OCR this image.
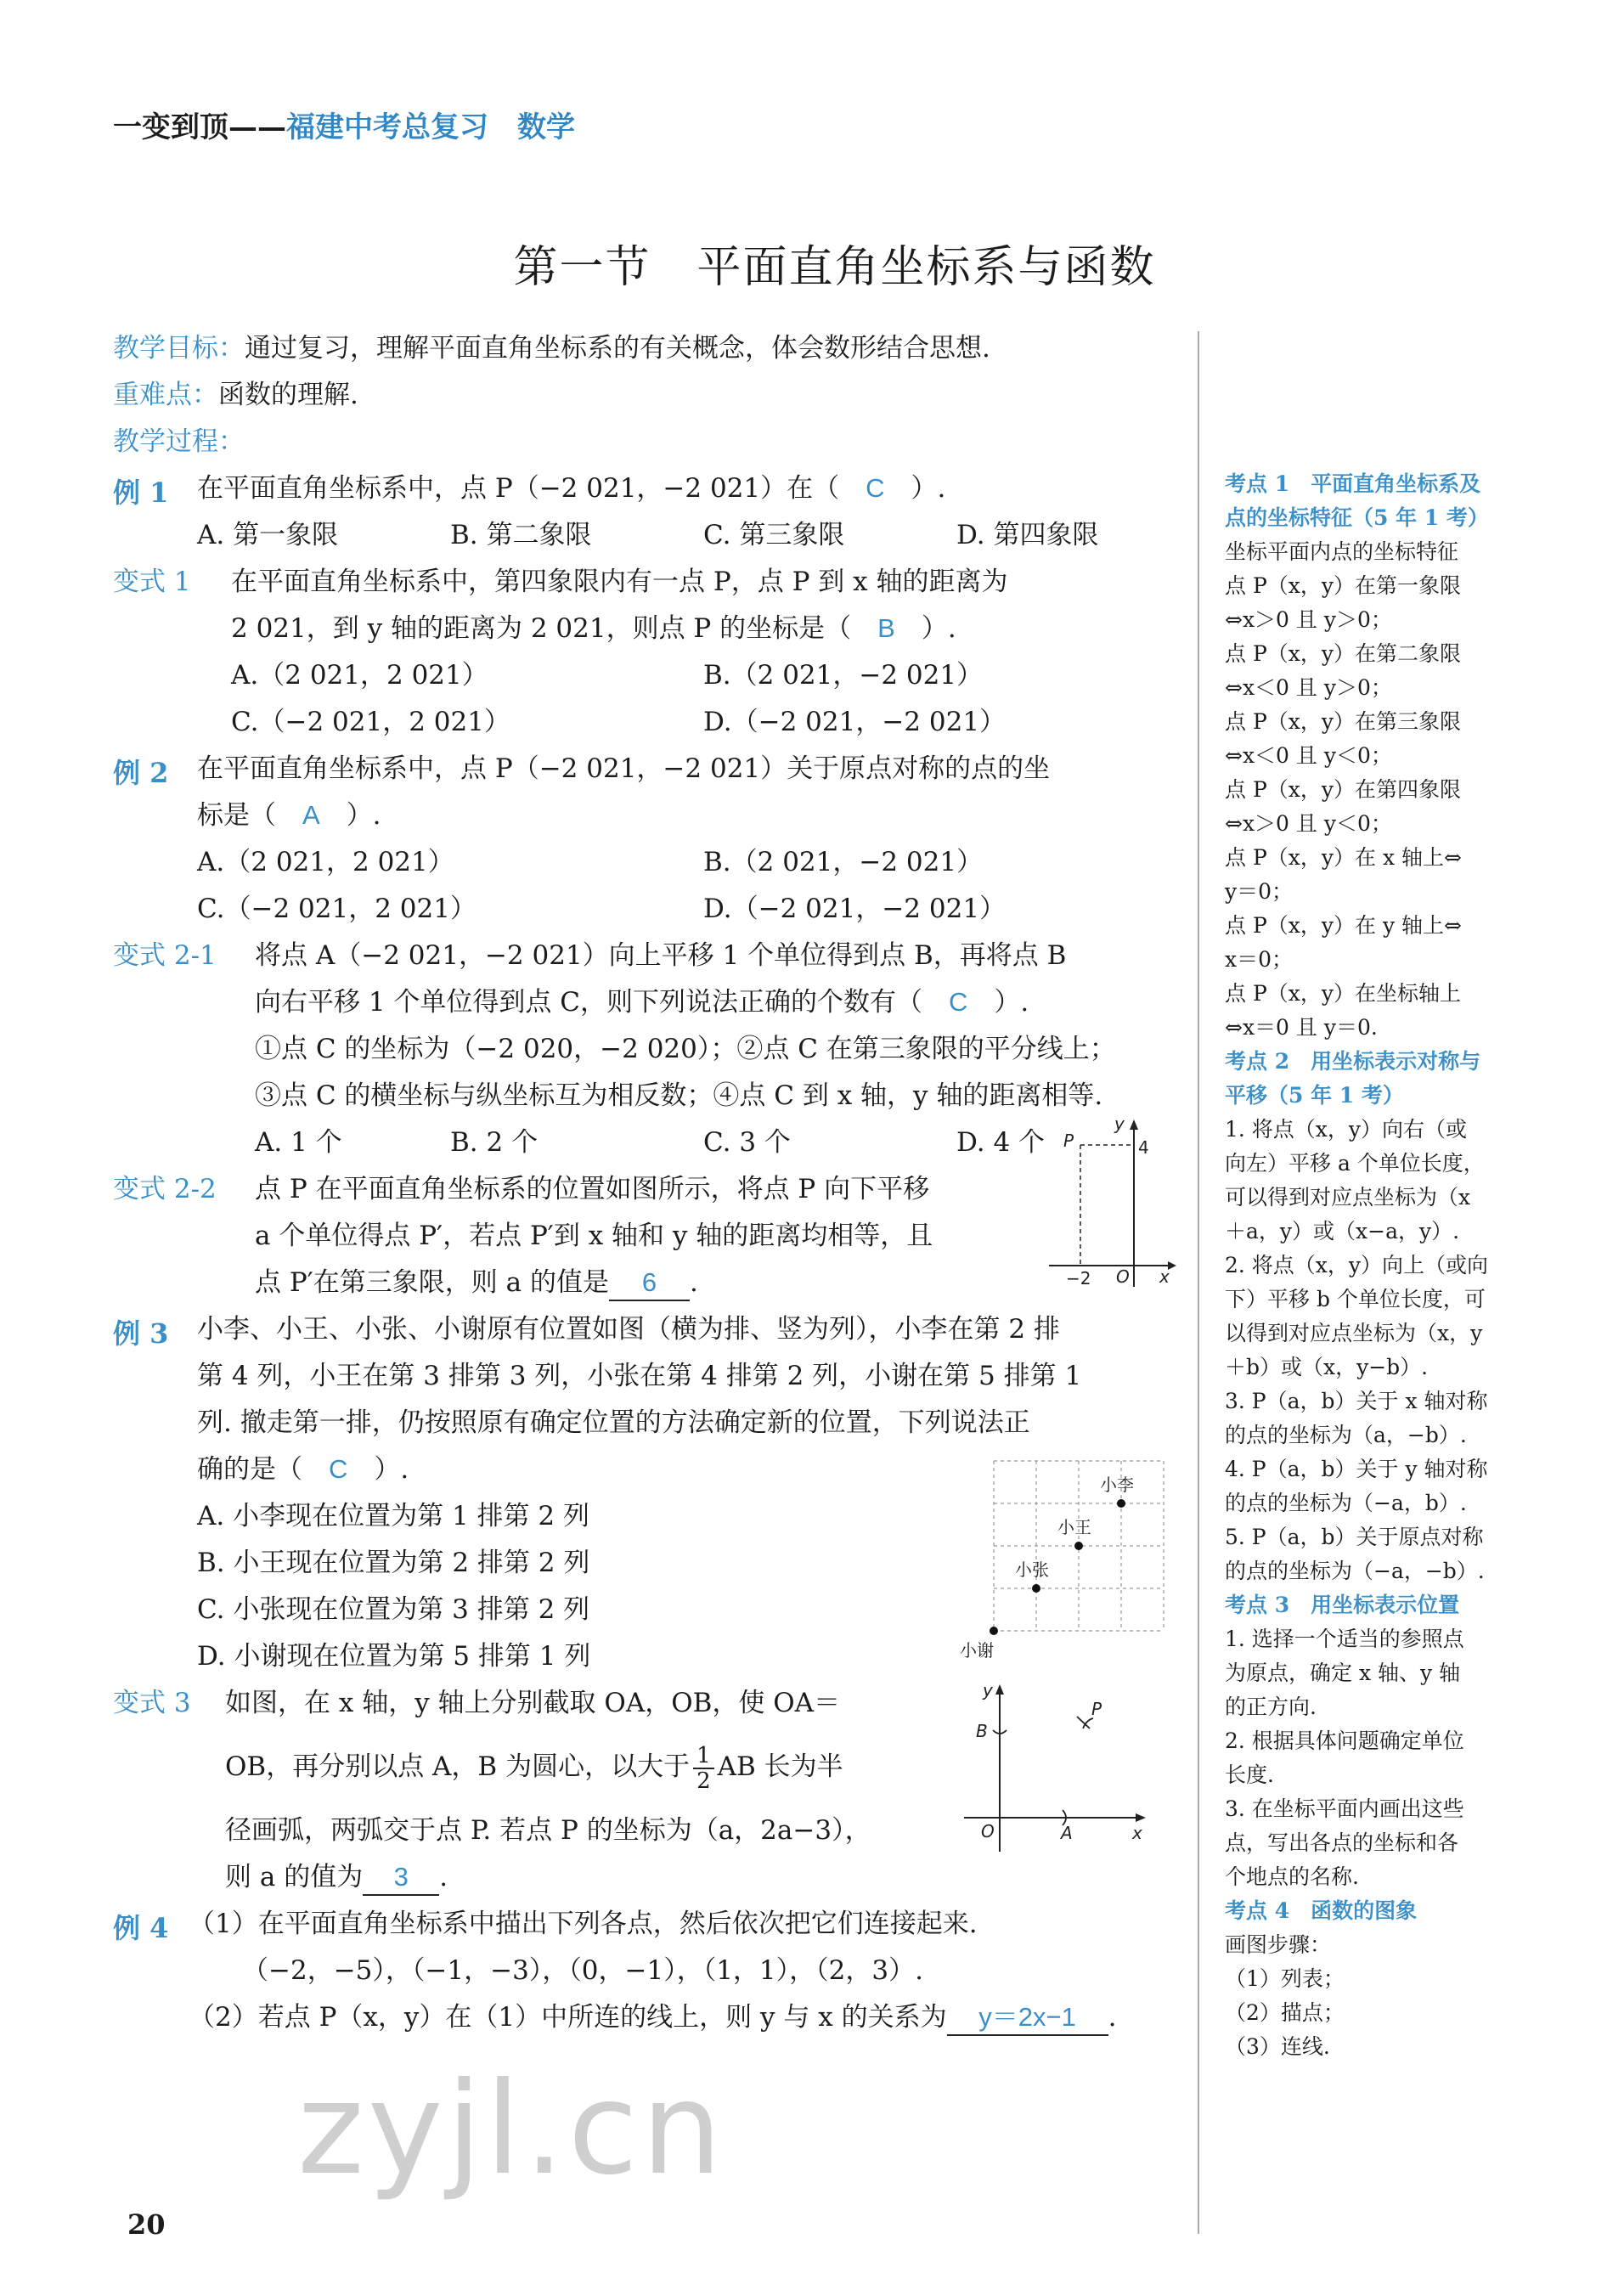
一变到顶——福建中考总复习　数学
第一节　平面直角坐标系与函数
教学目标：通过复习，理解平面直角坐标系的有关概念，体会数形结合思想.
重难点：函数的理解.
教学过程：
例 1 在平面直角坐标系中，点 P（−2 021，−2 021）在（　C　）.
A. 第一象限	B. 第二象限	C. 第三象限	D. 第四象限
变式 1 在平面直角坐标系中，第四象限内有一点 P，点 P 到 x 轴的距离为
2 021，到 y 轴的距离为 2 021，则点 P 的坐标是（　B　）.
A.（2 021，2 021）	B.（2 021，−2 021）
C.（−2 021，2 021）	D.（−2 021，−2 021）
例 2 在平面直角坐标系中，点 P（−2 021，−2 021）关于原点对称的点的坐
标是（　A　）.
A.（2 021，2 021）	B.（2 021，−2 021）
C.（−2 021，2 021）	D.（−2 021，−2 021）
变式 2-1 将点 A（−2 021，−2 021）向上平移 1 个单位得到点 B，再将点 B
向右平移 1 个单位得到点 C，则下列说法正确的个数有（　C　）.
①点 C 的坐标为（−2 020，−2 020）；②点 C 在第三象限的平分线上；
③点 C 的横坐标与纵坐标互为相反数；④点 C 到 x 轴，y 轴的距离相等.
A. 1 个	B. 2 个	C. 3 个	D. 4 个
变式 2-2 点 P 在平面直角坐标系的位置如图所示，将点 P 向下平移
a 个单位得点 P′，若点 P′到 x 轴和 y 轴的距离均相等，且
点 P′在第三象限，则 a 的值是 6 .
P
y
4
−2 O x
例 3 小李、小王、小张、小谢原有位置如图（横为排、竖为列），小李在第 2 排
第 4 列，小王在第 3 排第 3 列，小张在第 4 排第 2 列，小谢在第 5 排第 1
列. 撤走第一排，仍按照原有确定位置的方法确定新的位置，下列说法正
确的是（　C　）.
A. 小李现在位置为第 1 排第 2 列
B. 小王现在位置为第 2 排第 2 列
C. 小张现在位置为第 3 排第 2 列
D. 小谢现在位置为第 5 排第 1 列
小李
小王
小张
小谢
变式 3 如图，在 x 轴，y 轴上分别截取 OA，OB，使 OA＝
OB，再分别以点 A，B 为圆心，以大于 $\frac{1}{2}$ AB 长为半
径画弧，两弧交于点 P. 若点 P 的坐标为（a，2a−3），
则 a 的值为 3 .
y
B
P
O	A	x
例 4 （1）在平面直角坐标系中描出下列各点，然后依次把它们连接起来.
（−2，−5），（−1，−3），（0，−1），（1，1），（2，3）.
（2）若点 P（x，y）在（1）中所连的线上，则 y 与 x 的关系为 y＝2x−1 .
zyjl.cn
考点 1　平面直角坐标系及
点的坐标特征（5 年 1 考）
坐标平面内点的坐标特征
点 P（x，y）在第一象限
⇔x＞0 且 y＞0；
点 P（x，y）在第二象限
⇔x＜0 且 y＞0；
点 P（x，y）在第三象限
⇔x＜0 且 y＜0；
点 P（x，y）在第四象限
⇔x＞0 且 y＜0；
点 P（x，y）在 x 轴上⇔
y＝0；
点 P（x，y）在 y 轴上⇔
x＝0；
点 P（x，y）在坐标轴上
⇔x＝0 且 y＝0.
考点 2　用坐标表示对称与
平移（5 年 1 考）
1. 将点（x，y）向右（或
向左）平移 a 个单位长度，
可以得到对应点坐标为（x
＋a，y）或（x−a，y）.
2. 将点（x，y）向上（或向
下）平移 b 个单位长度，可
以得到对应点坐标为（x，y
＋b）或（x，y−b）.
3. P（a，b）关于 x 轴对称
的点的坐标为（a，−b）.
4. P（a，b）关于 y 轴对称
的点的坐标为（−a，b）.
5. P（a，b）关于原点对称
的点的坐标为（−a，−b）.
考点 3　用坐标表示位置
1. 选择一个适当的参照点
为原点，确定 x 轴、y 轴
的正方向.
2. 根据具体问题确定单位
长度.
3. 在坐标平面内画出这些
点，写出各点的坐标和各
个地点的名称.
考点 4　函数的图象
画图步骤：
（1）列表；
（2）描点；
（3）连线.
20
